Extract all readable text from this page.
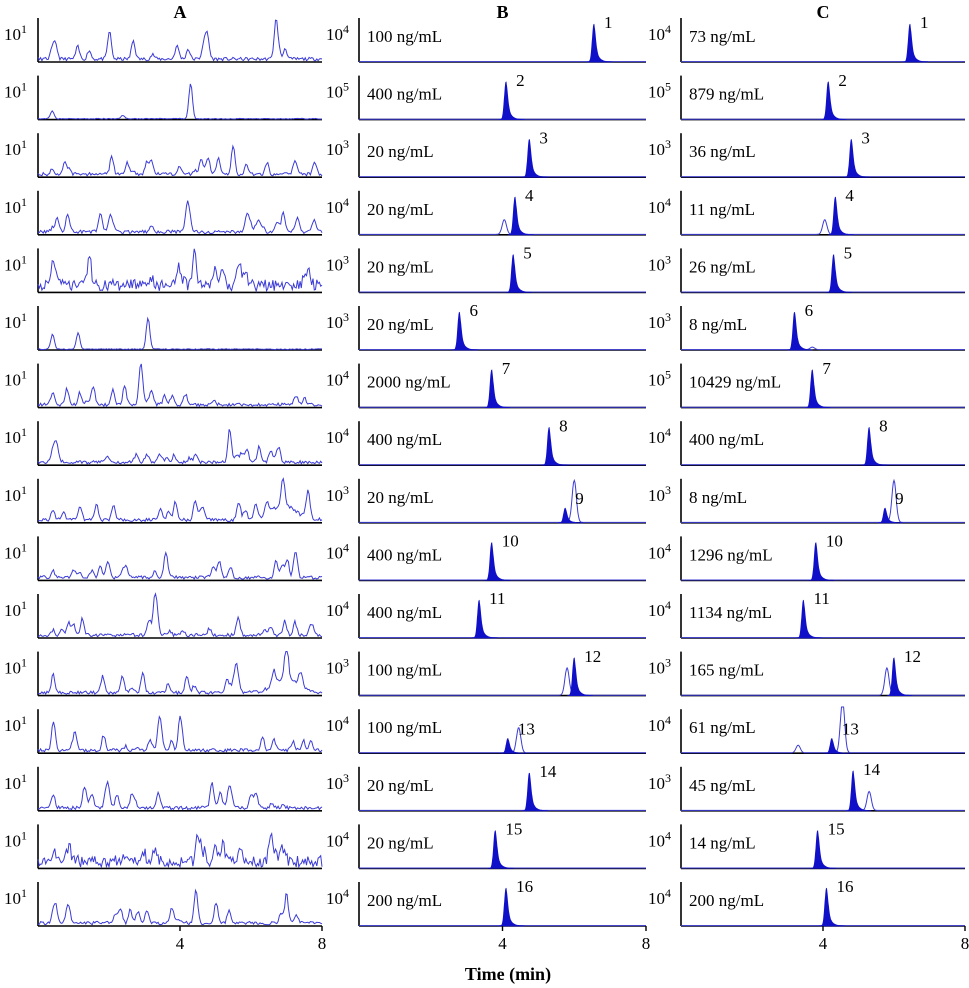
A
$10^1$
$10^1$
$10^1$
$10^1$
$10^1$
$10^1$
$10^1$
$10^1$
$10^1$
$10^1$
$10^1$
$10^1$
$10^1$
$10^1$
$10^1$
$10^1$
4	8
B
$10^4$ 100 ng/mL
1
$10^5$ 400 ng/mL
2
$10^3$ 20 ng/mL
3
$10^4$ 20 ng/mL
4
$10^3$ 20 ng/mL
5
$10^3$ 20 ng/mL
6
$10^4$ 2000 ng/mL
7
$10^4$ 400 ng/mL
8
$10^3$ 20 ng/mL	9
$10^4$ 400 ng/mL
10
$10^4$ 400 ng/mL
11
$10^3$ 100 ng/mL
12
$10^4$ 100 ng/mL	13
$10^3$ 20 ng/mL
14
$10^4$ 20 ng/mL
15
$10^4$ 200 ng/mL
16
4	8
C
$10^4$ 73 ng/mL
1
$10^5$ 879 ng/mL
2
$10^3$ 36 ng/mL
3
$10^4$ 11 ng/mL
4
$10^3$ 26 ng/mL
5
$10^3$ 8 ng/mL
6
$10^5$ 10429 ng/mL
7
$10^4$ 400 ng/mL
8
$10^3$ 8 ng/mL	9
$10^4$ 1296 ng/mL
10
$10^4$ 1134 ng/mL
11
$10^3$ 165 ng/mL
12
$10^4$ 61 ng/mL	13
$10^3$ 45 ng/mL
14
$10^4$ 14 ng/mL
15
$10^4$ 200 ng/mL
16
4	8
Time (min)
